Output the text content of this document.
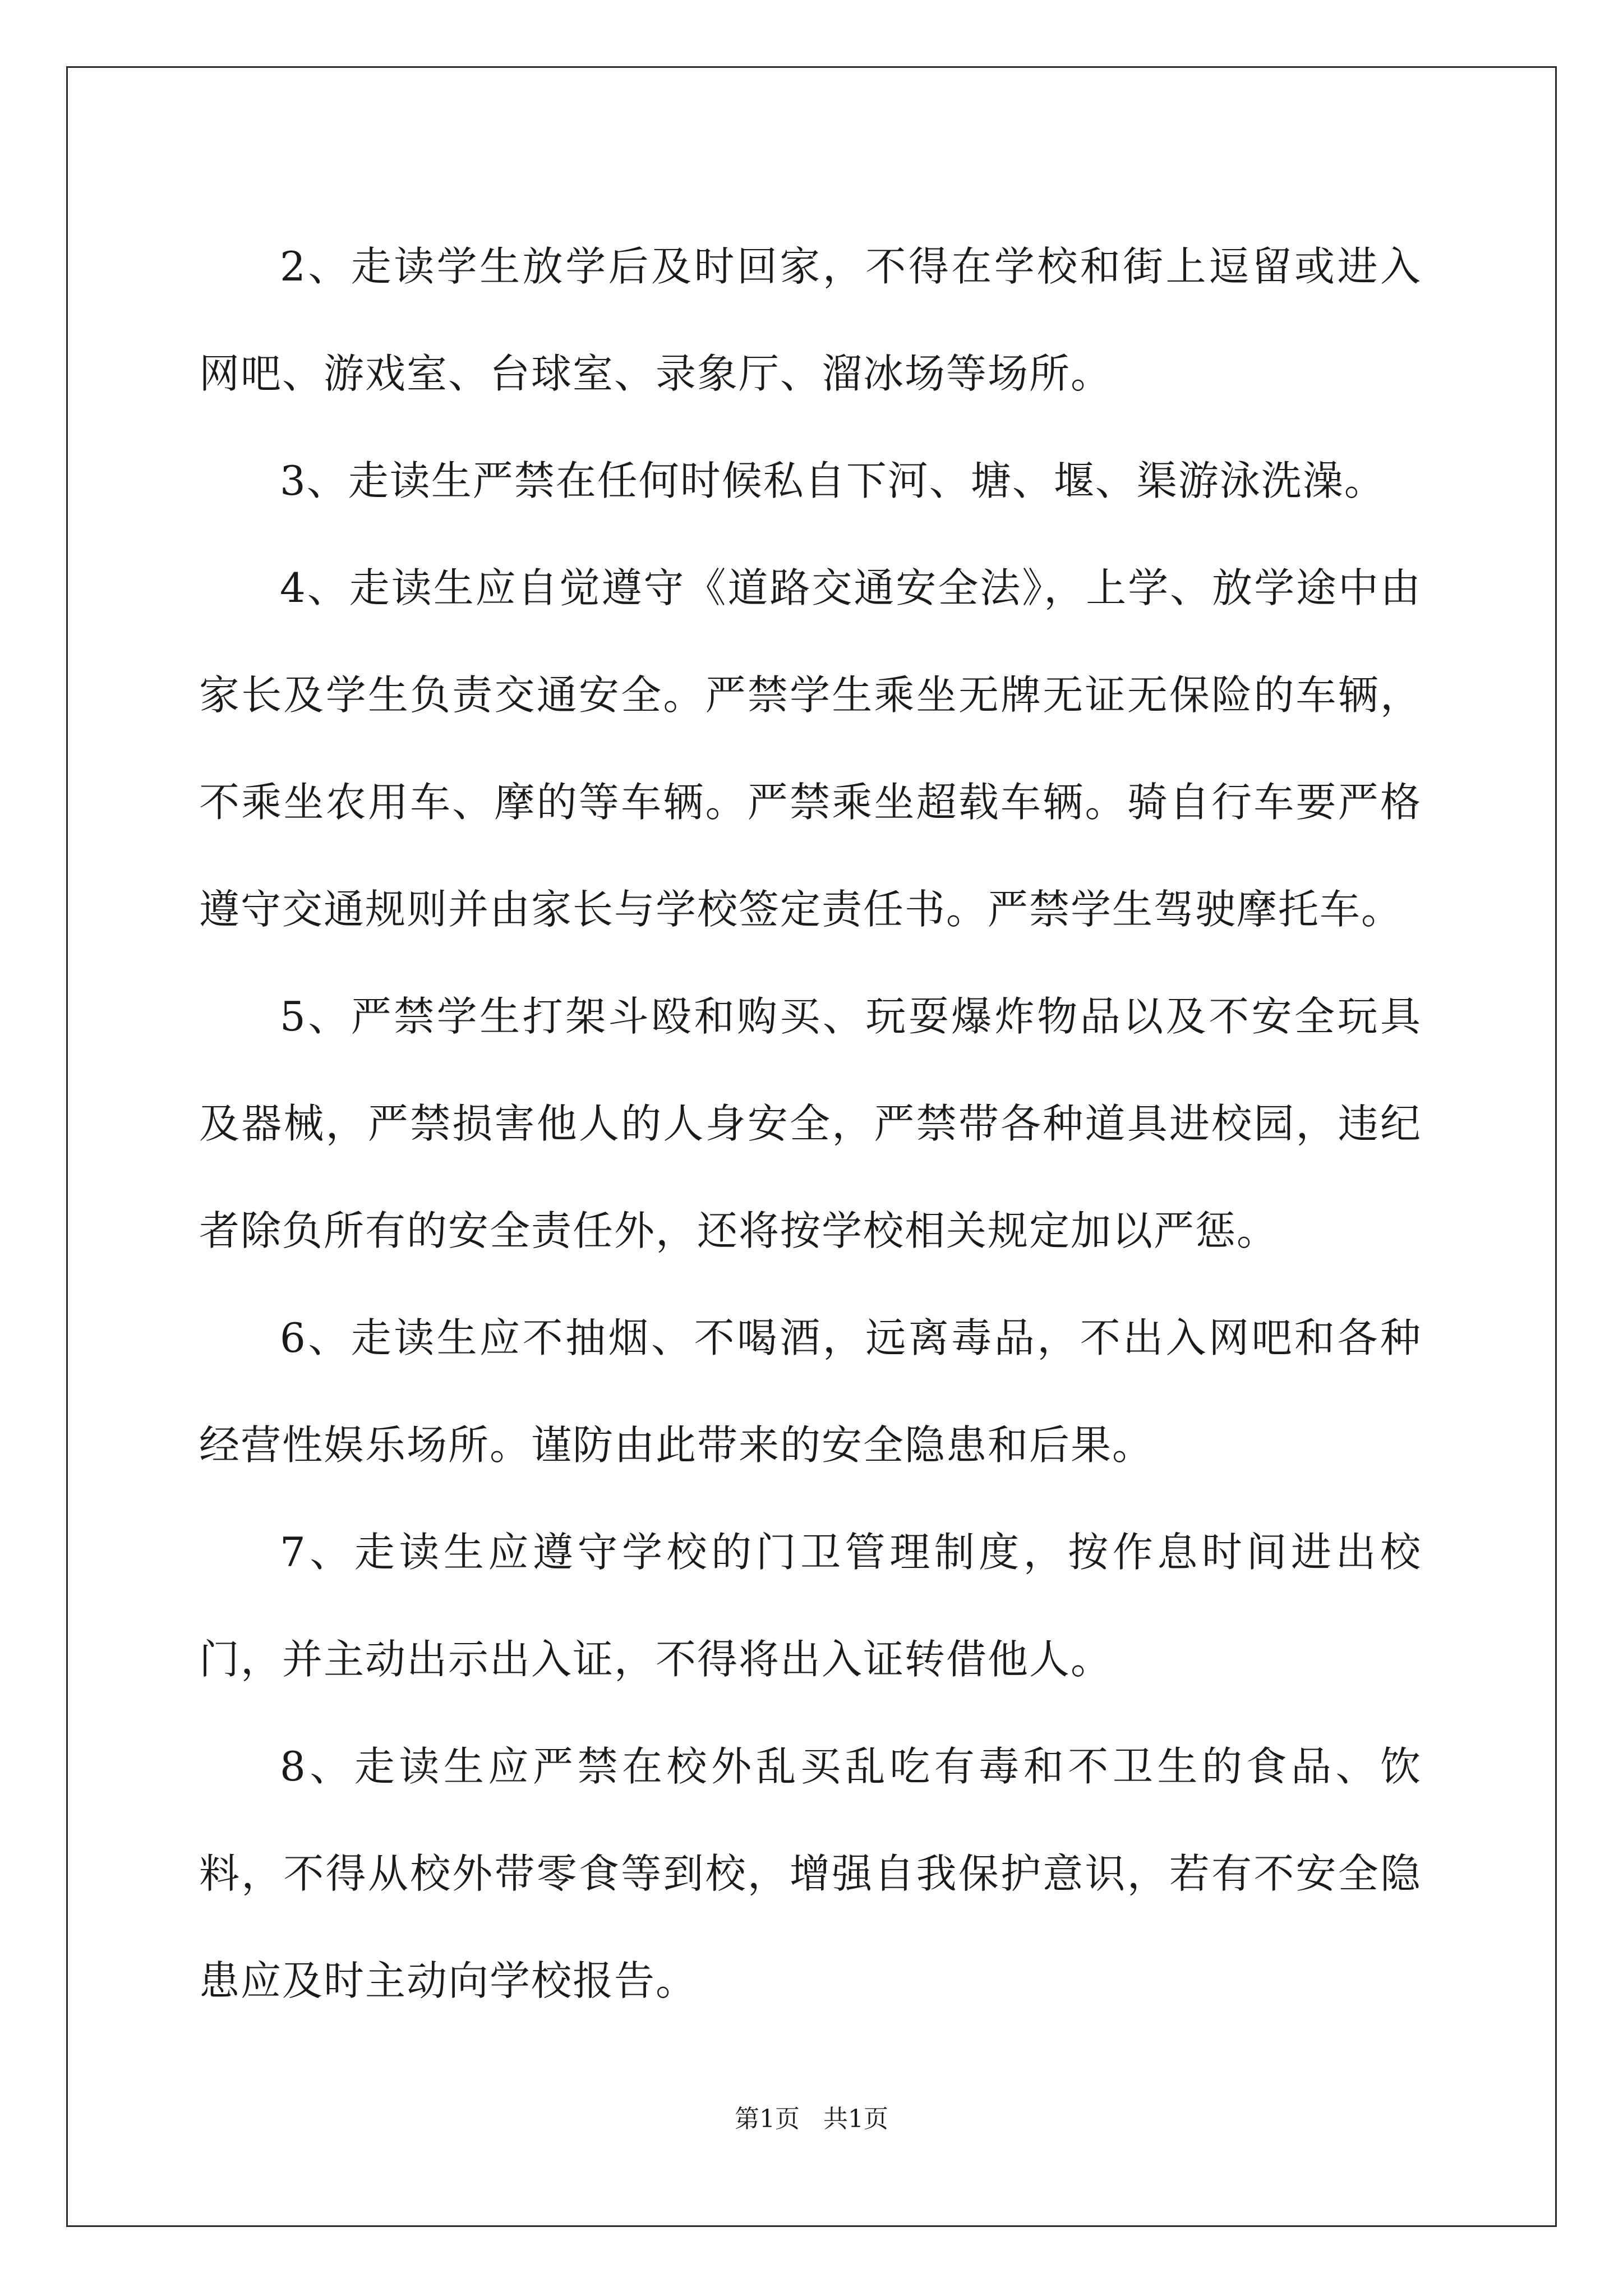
2、走读学生放学后及时回家，不得在学校和街上逗留或进入网吧、游戏室、台球室、录象厅、溜冰场等场所。

3、走读生严禁在任何时候私自下河、塘、堰、渠游泳洗澡。

4、走读生应自觉遵守《道路交通安全法》，上学、放学途中由家长及学生负责交通安全。严禁学生乘坐无牌无证无保险的车辆，不乘坐农用车、摩的等车辆。严禁乘坐超载车辆。骑自行车要严格遵守交通规则并由家长与学校签定责任书。严禁学生驾驶摩托车。

5、严禁学生打架斗殴和购买、玩耍爆炸物品以及不安全玩具及器械，严禁损害他人的人身安全，严禁带各种道具进校园，违纪者除负所有的安全责任外，还将按学校相关规定加以严惩。

6、走读生应不抽烟、不喝酒，远离毒品，不出入网吧和各种经营性娱乐场所。谨防由此带来的安全隐患和后果。

7、走读生应遵守学校的门卫管理制度，按作息时间进出校门，并主动出示出入证，不得将出入证转借他人。

8、走读生应严禁在校外乱买乱吃有毒和不卫生的食品、饮料，不得从校外带零食等到校，增强自我保护意识，若有不安全隐患应及时主动向学校报告。

第1页 共1页
